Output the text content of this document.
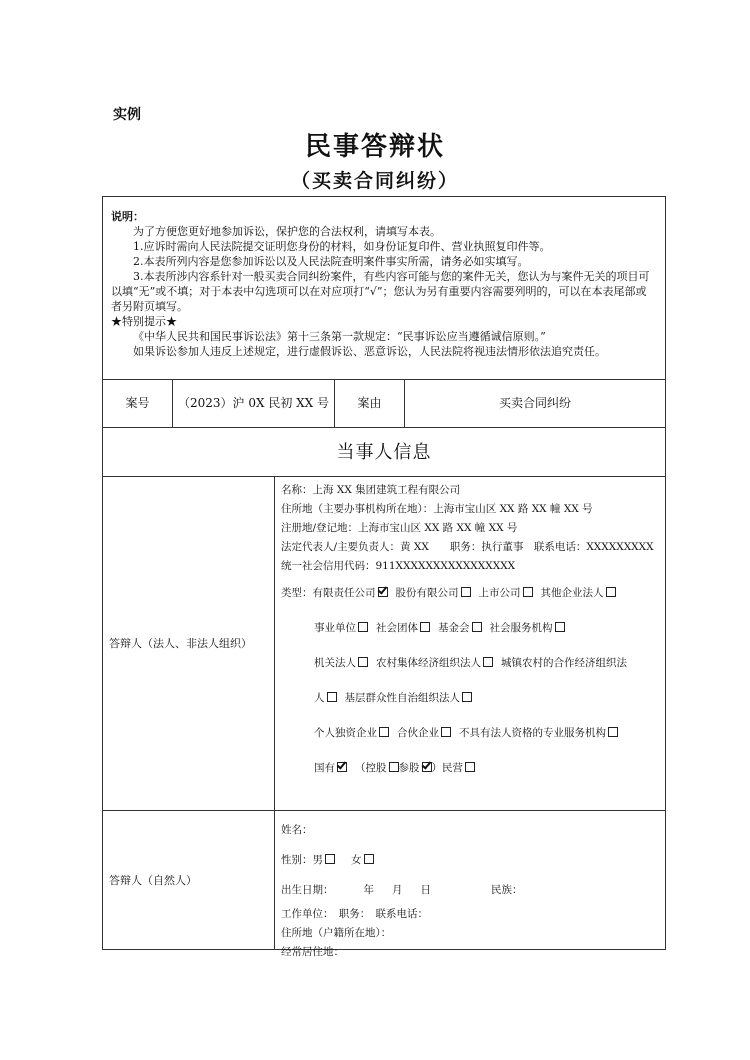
实例
民事答辩状
（买卖合同纠纷）

说明：

为了方便您更好地参加诉讼，保护您的合法权利，请填写本表。

1.应诉时需向人民法院提交证明您身份的材料，如身份证复印件、营业执照复印件等。

2.本表所列内容是您参加诉讼以及人民法院查明案件事实所需，请务必如实填写。

3.本表所涉内容系针对一般买卖合同纠纷案件，有些内容可能与您的案件无关，您认为与案件无关的项目可以填“无”或不填；对于本表中勾选项可以在对应项打“√”；您认为另有重要内容需要列明的，可以在本表尾部或者另附页填写。

★特别提示★

《中华人民共和国民事诉讼法》第十三条第一款规定：“民事诉讼应当遵循诚信原则。”

如果诉讼参加人违反上述规定，进行虚假诉讼、恶意诉讼，人民法院将视违法情形依法追究责任。

案号	（2023）沪 0X 民初 XX 号	案由	买卖合同纠纷
当事人信息
答辩人（法人、非法人组织）
名称：上海 XX 集团建筑工程有限公司
住所地（主要办事机构所在地）：上海市宝山区 XX 路 XX 幢 XX 号
注册地/登记地：上海市宝山区 XX 路 XX 幢 XX 号
法定代表人/主要负责人：黄 XX　　职务：执行董事　联系电话：XXXXXXXXX
统一社会信用代码：911XXXXXXXXXXXXXXXX
类型：有限责任公司 股份有限公司 上市公司 其他企业法人
事业单位 社会团体 基金会 社会服务机构
机关法人 农村集体经济组织法人 城镇农村的合作经济组织法
人 基层群众性自治组织法人
个人独资企业 合伙企业 不具有法人资格的专业服务机构
国有 （控股 参股 ）民营
答辩人（自然人）
姓名：
性别：男	女
出生日期：	年 月 日	民族：
工作单位：　职务：　联系电话：
住所地（户籍所在地）：
经常居住地：
